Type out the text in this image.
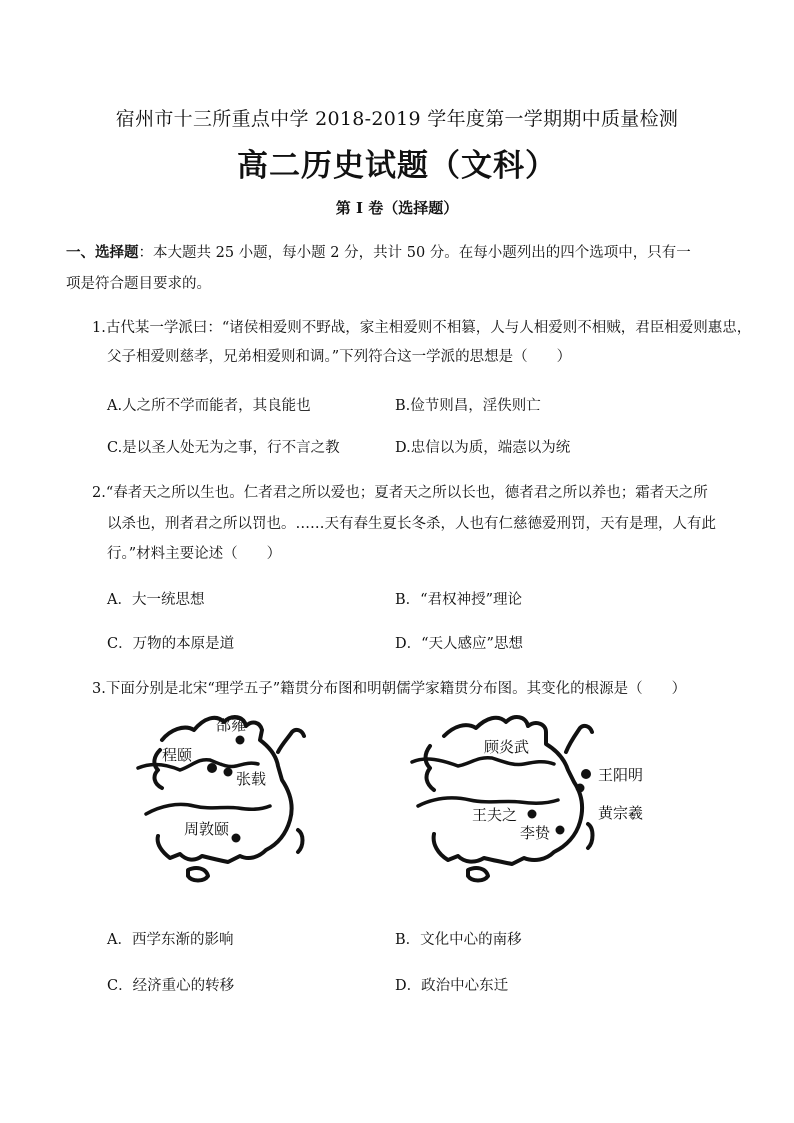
宿州市十三所重点中学 2018-2019 学年度第一学期期中质量检测
高二历史试题（文科）
第 I 卷（选择题）
一、选择题：本大题共 25 小题，每小题 2 分，共计 50 分。在每小题列出的四个选项中，只有一
项是符合题目要求的。
1.古代某一学派曰：“诸侯相爱则不野战，家主相爱则不相篡，人与人相爱则不相贼，君臣相爱则惠忠，
父子相爱则慈孝，兄弟相爱则和调。”下列符合这一学派的思想是（　　）
A.人之所不学而能者，其良能也	B.俭节则昌，淫佚则亡
C.是以圣人处无为之事，行不言之教	D.忠信以为质，端悫以为统
2.“春者天之所以生也。仁者君之所以爱也；夏者天之所以长也，德者君之所以养也；霜者天之所
以杀也，刑者君之所以罚也。……天有春生夏长冬杀，人也有仁慈德爱刑罚，天有是理，人有此
行。”材料主要论述（　　）
A．大一统思想	B．“君权神授”理论
C．万物的本原是道	D．“天人感应”思想
3.下面分别是北宋“理学五子”籍贯分布图和明朝儒学家籍贯分布图。其变化的根源是（　　）
邵雍
程颐
张载
周敦颐
顾炎武
王阳明
黄宗羲
王夫之
李贽
A．西学东渐的影响	B．文化中心的南移
C．经济重心的转移	D．政治中心东迁
